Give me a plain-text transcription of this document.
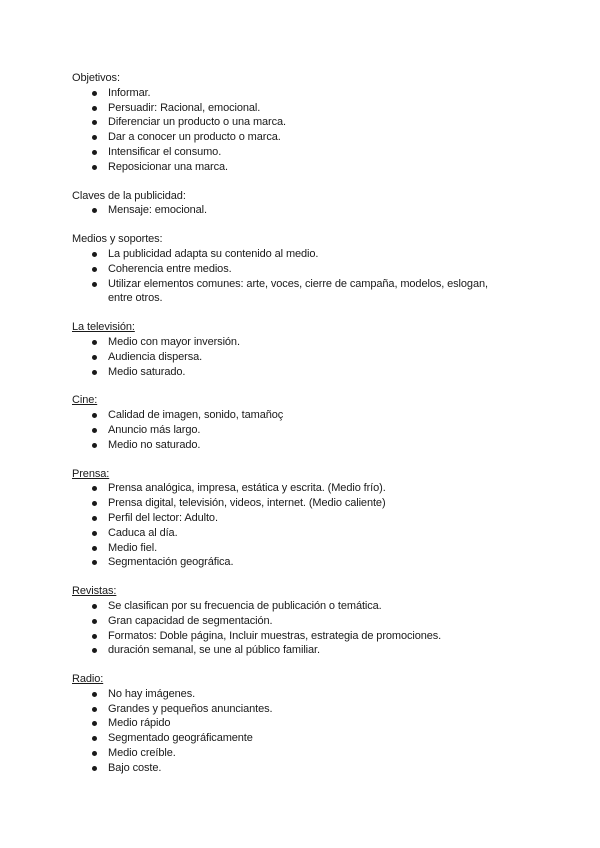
Objetivos:

Informar.
Persuadir: Racional, emocional.
Diferenciar un producto o una marca.
Dar a conocer un producto o marca.
Intensificar el consumo.
Reposicionar una marca.

Claves de la publicidad:

Mensaje: emocional.

Medios y soportes:

La publicidad adapta su contenido al medio.
Coherencia entre medios.
Utilizar elementos comunes: arte, voces, cierre de campaña, modelos, eslogan, entre otros.

La televisión:

Medio con mayor inversión.
Audiencia dispersa.
Medio saturado.

Cine:

Calidad de imagen, sonido, tamañoç
Anuncio más largo.
Medio no saturado.

Prensa:

Prensa analógica, impresa, estática y escrita. (Medio frío).
Prensa digital, televisión, videos, internet. (Medio caliente)
Perfil del lector: Adulto.
Caduca al día.
Medio fiel.
Segmentación geográfica.

Revistas:

Se clasifican por su frecuencia de publicación o temática.
Gran capacidad de segmentación.
Formatos: Doble página, Incluir muestras, estrategia de promociones.
duración semanal, se une al público familiar.

Radio:

No hay imágenes.
Grandes y pequeños anunciantes.
Medio rápido
Segmentado geográficamente
Medio creíble.
Bajo coste.
